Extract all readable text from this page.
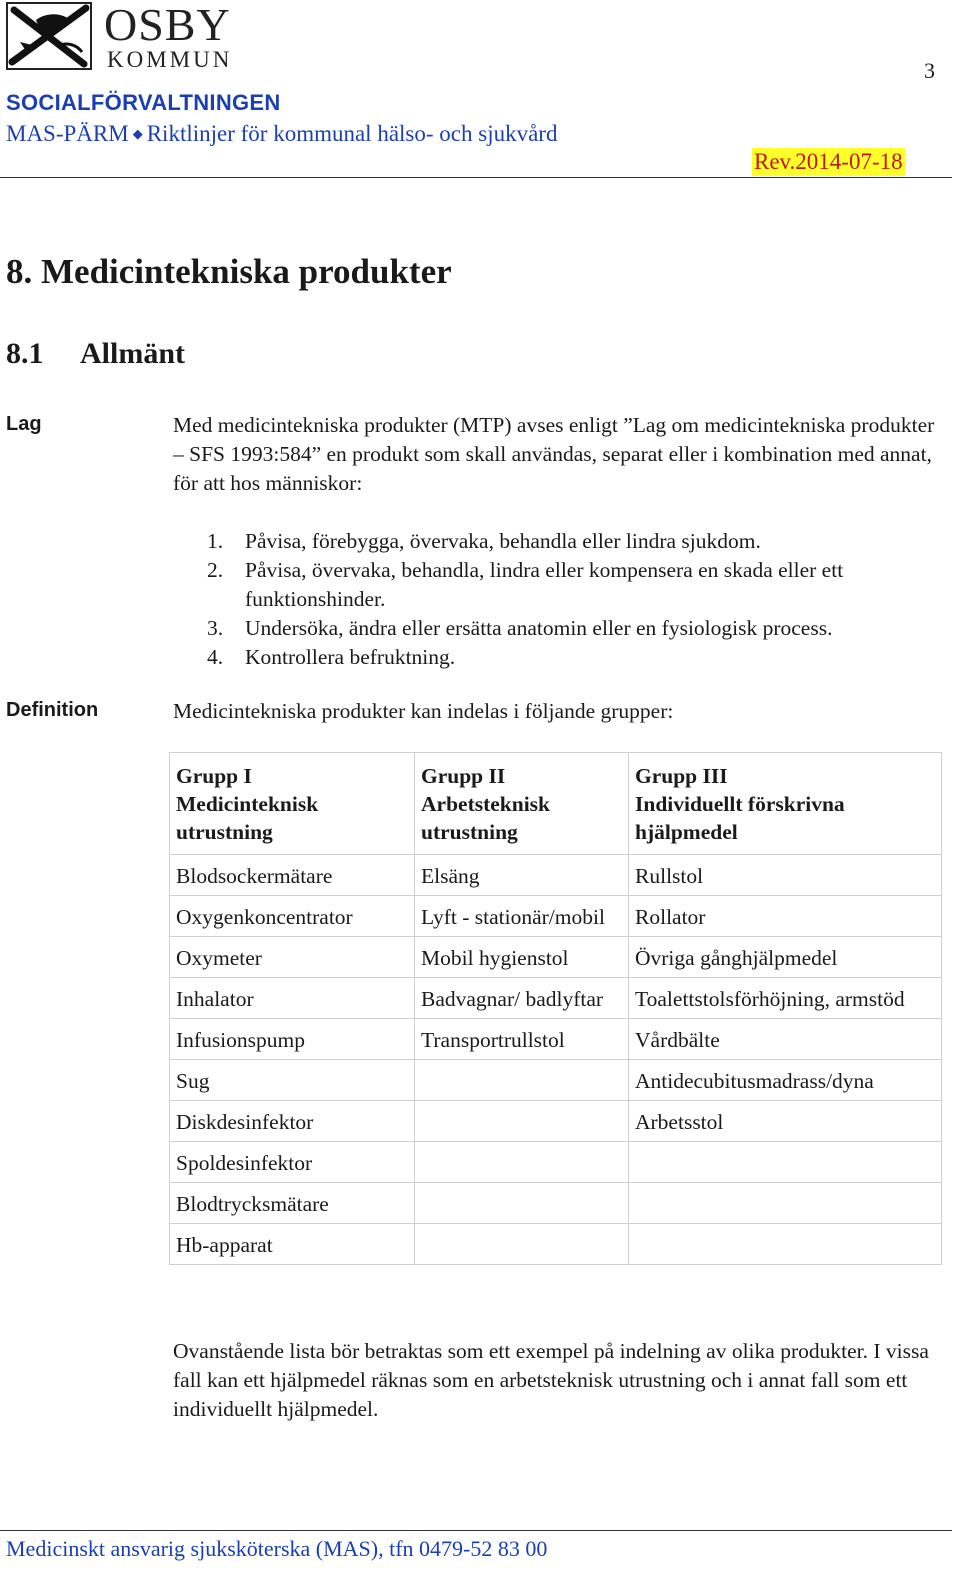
OSBY
KOMMUN	3
SOCIALFÖRVALTNINGEN
MAS-PÄRM ◆ Riktlinjer för kommunal hälso- och sjukvård
Rev.2014-07-18
8. Medicintekniska produkter
8.1 Allmänt
Lag	Med medicintekniska produkter (MTP) avses enligt ”Lag om medicintekniska produkter – SFS 1993:584” en produkt som skall användas, separat eller i kombination med annat, för att hos människor:
1.	Påvisa, förebygga, övervaka, behandla eller lindra sjukdom.
2.	Påvisa, övervaka, behandla, lindra eller kompensera en skada eller ett funktionshinder.
3.	Undersöka, ändra eller ersätta anatomin eller en fysiologisk process.
4.	Kontrollera befruktning.
Definition	Medicintekniska produkter kan indelas i följande grupper:
Grupp I
Medicinteknisk
utrustning	Grupp II
Arbetsteknisk
utrustning	Grupp III
Individuellt förskrivna
hjälpmedel
Blodsockermätare	Elsäng	Rullstol
Oxygenkoncentrator	Lyft - stationär/mobil	Rollator
Oxymeter	Mobil hygienstol	Övriga gånghjälpmedel
Inhalator	Badvagnar/ badlyftar	Toalettstolsförhöjning, armstöd
Infusionspump	Transportrullstol	Vårdbälte
Sug		Antidecubitusmadrass/dyna
Diskdesinfektor		Arbetsstol
Spoldesinfektor		
Blodtrycksmätare		
Hb-apparat		
Ovanstående lista bör betraktas som ett exempel på indelning av olika produkter. I vissa fall kan ett hjälpmedel räknas som en arbetsteknisk utrustning och i annat fall som ett individuellt hjälpmedel.
Medicinskt ansvarig sjuksköterska (MAS), tfn 0479-52 83 00
